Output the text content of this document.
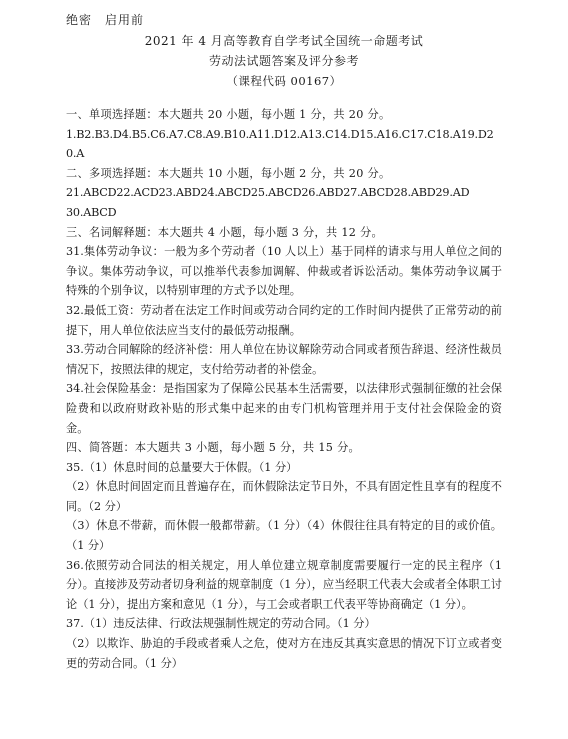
绝密　启用前
2021 年 4 月高等教育自学考试全国统一命题考试
劳动法试题答案及评分参考
（课程代码 00167）

一、单项选择题：本大题共 20 小题，每小题 1 分，共 20 分。

1.B2.B3.D4.B5.C6.A7.C8.A9.B10.A11.D12.A13.C14.D15.A16.C17.C18.A19.D20.A

二、多项选择题：本大题共 10 小题，每小题 2 分，共 20 分。

21.ABCD22.ACD23.ABD24.ABCD25.ABCD26.ABD27.ABCD28.ABD29.AD

30.ABCD

三、名词解释题：本大题共 4 小题，每小题 3 分，共 12 分。

31.集体劳动争议：一般为多个劳动者（10 人以上）基于同样的请求与用人单位之间的争议。集体劳动争议，可以推举代表参加调解、仲裁或者诉讼活动。集体劳动争议属于特殊的个别争议，以特别审理的方式予以处理。

32.最低工资：劳动者在法定工作时间或劳动合同约定的工作时间内提供了正常劳动的前提下，用人单位依法应当支付的最低劳动报酬。

33.劳动合同解除的经济补偿：用人单位在协议解除劳动合同或者预告辞退、经济性裁员情况下，按照法律的规定，支付给劳动者的补偿金。

34.社会保险基金：是指国家为了保障公民基本生活需要，以法律形式强制征缴的社会保险费和以政府财政补贴的形式集中起来的由专门机构管理并用于支付社会保险金的资金。

四、简答题：本大题共 3 小题，每小题 5 分，共 15 分。

35.（1）休息时间的总量要大于休假。（1 分）

（2）休息时间固定而且普遍存在，而休假除法定节日外，不具有固定性且享有的程度不同。（2 分）

（3）休息不带薪，而休假一般都带薪。（1 分）（4）休假往往具有特定的目的或价值。（1 分）

36.依照劳动合同法的相关规定，用人单位建立规章制度需要履行一定的民主程序（1 分）。直接涉及劳动者切身利益的规章制度（1 分），应当经职工代表大会或者全体职工讨论（1 分），提出方案和意见（1 分），与工会或者职工代表平等协商确定（1 分）。

37.（1）违反法律、行政法规强制性规定的劳动合同。（1 分）

（2）以欺诈、胁迫的手段或者乘人之危，使对方在违反其真实意思的情况下订立或者变更的劳动合同。（1 分）
